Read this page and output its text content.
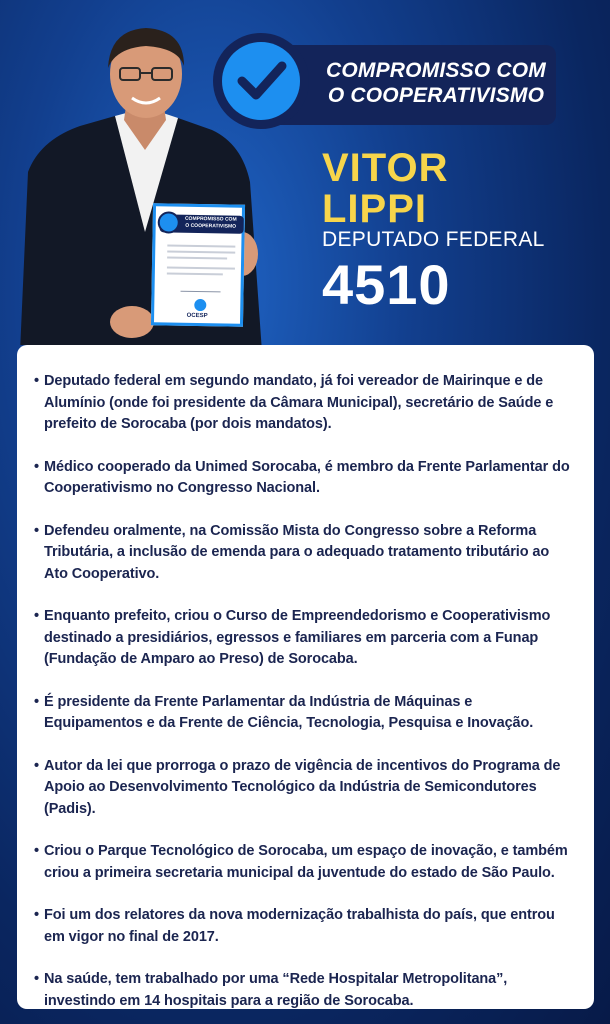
COMPROMISSO COM
O COOPERATIVISMO
OCESP
COMPROMISSO COM
O COOPERATIVISMO
VITOR
LIPPI
DEPUTADO FEDERAL
4510
• Deputado federal em segundo mandato, já foi vereador de Mairinque e de Alumínio (onde foi presidente da Câmara Municipal), secretário de Saúde e prefeito de Sorocaba (por dois mandatos).
• Médico cooperado da Unimed Sorocaba, é membro da Frente Parlamentar do Cooperativismo no Congresso Nacional.
• Defendeu oralmente, na Comissão Mista do Congresso sobre a Reforma Tributária, a inclusão de emenda para o adequado tratamento tributário ao Ato Cooperativo.
• Enquanto prefeito, criou o Curso de Empreendedorismo e Cooperativismo destinado a presidiários, egressos e familiares em parceria com a Funap (Fundação de Amparo ao Preso) de Sorocaba.
• É presidente da Frente Parlamentar da Indústria de Máquinas e Equipamentos e da Frente de Ciência, Tecnologia, Pesquisa e Inovação.
• Autor da lei que prorroga o prazo de vigência de incentivos do Programa de Apoio ao Desenvolvimento Tecnológico da Indústria de Semicondutores (Padis).
• Criou o Parque Tecnológico de Sorocaba, um espaço de inovação, e também criou a primeira secretaria municipal da juventude do estado de São Paulo.
• Foi um dos relatores da nova modernização trabalhista do país, que entrou em vigor no final de 2017.
• Na saúde, tem trabalhado por uma “Rede Hospitalar Metropolitana”, investindo em 14 hospitais para a região de Sorocaba.
